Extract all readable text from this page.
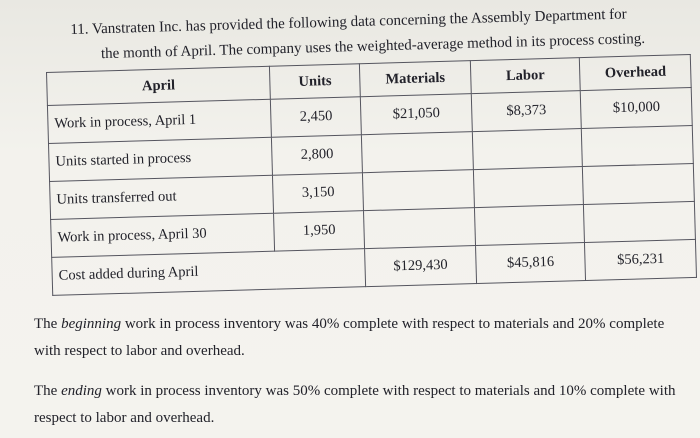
11. Vanstraten Inc. has provided the following data concerning the Assembly Department for
the month of April. The company uses the weighted-average method in its process costing.
April	Units	Materials	Labor	Overhead
Work in process, April 1	2,450	$21,050	$8,373	$10,000
Units started in process	2,800			
Units transferred out	3,150			
Work in process, April 30	1,950			
Cost added during April		$129,430	$45,816	$56,231

The beginning work in process inventory was 40% complete with respect to materials and 20% complete with respect to labor and overhead.

The ending work in process inventory was 50% complete with respect to materials and 10% complete with respect to labor and overhead.
